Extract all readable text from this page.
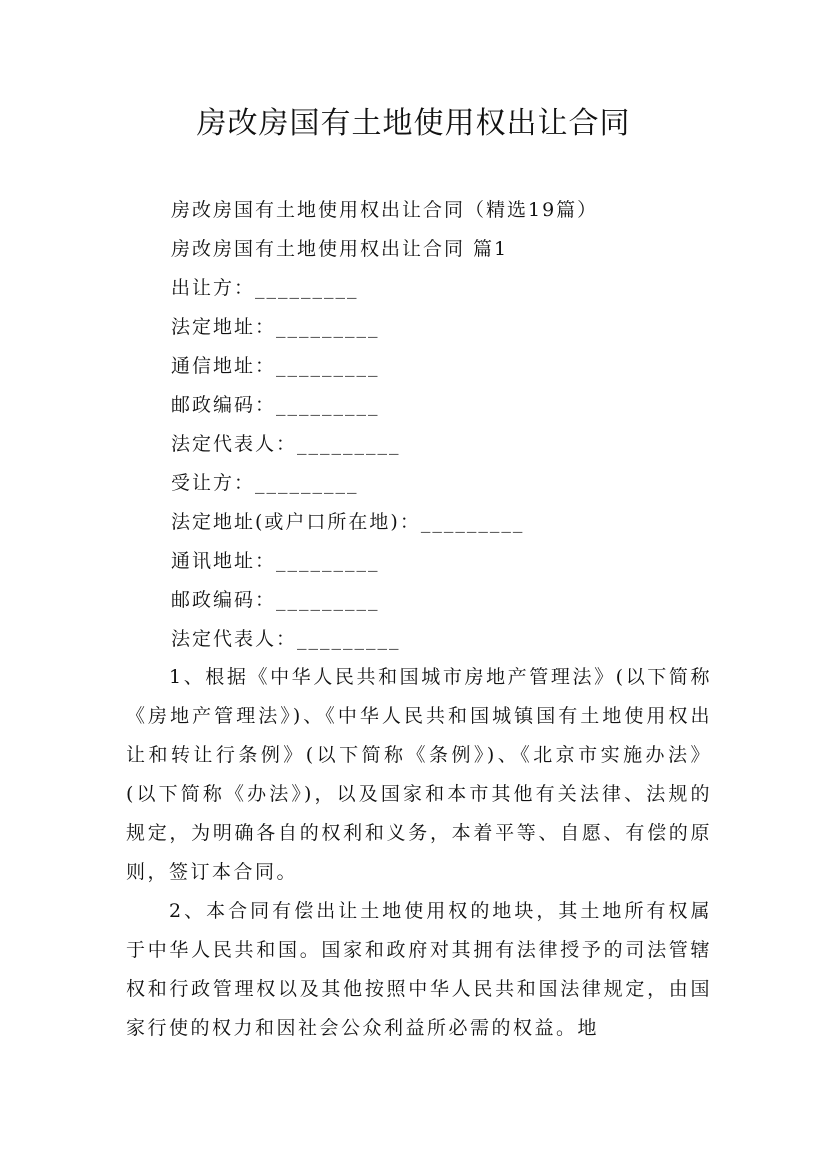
房改房国有土地使用权出让合同
房改房国有土地使用权出让合同（精选19篇）
房改房国有土地使用权出让合同 篇1
出让方：_________
法定地址：_________
通信地址：_________
邮政编码：_________
法定代表人：_________
受让方：_________
法定地址(或户口所在地)：_________
通讯地址：_________
邮政编码：_________
法定代表人：_________

1、根据《中华人民共和国城市房地产管理法》(以下简称《房地产管理法》)、《中华人民共和国城镇国有土地使用权出让和转让行条例》(以下简称《条例》)、《北京市实施办法》(以下简称《办法》)，以及国家和本市其他有关法律、法规的规定，为明确各自的权利和义务，本着平等、自愿、有偿的原则，签订本合同。

2、本合同有偿出让土地使用权的地块，其土地所有权属于中华人民共和国。国家和政府对其拥有法律授予的司法管辖权和行政管理权以及其他按照中华人民共和国法律规定，由国家行使的权力和因社会公众利益所必需的权益。地
